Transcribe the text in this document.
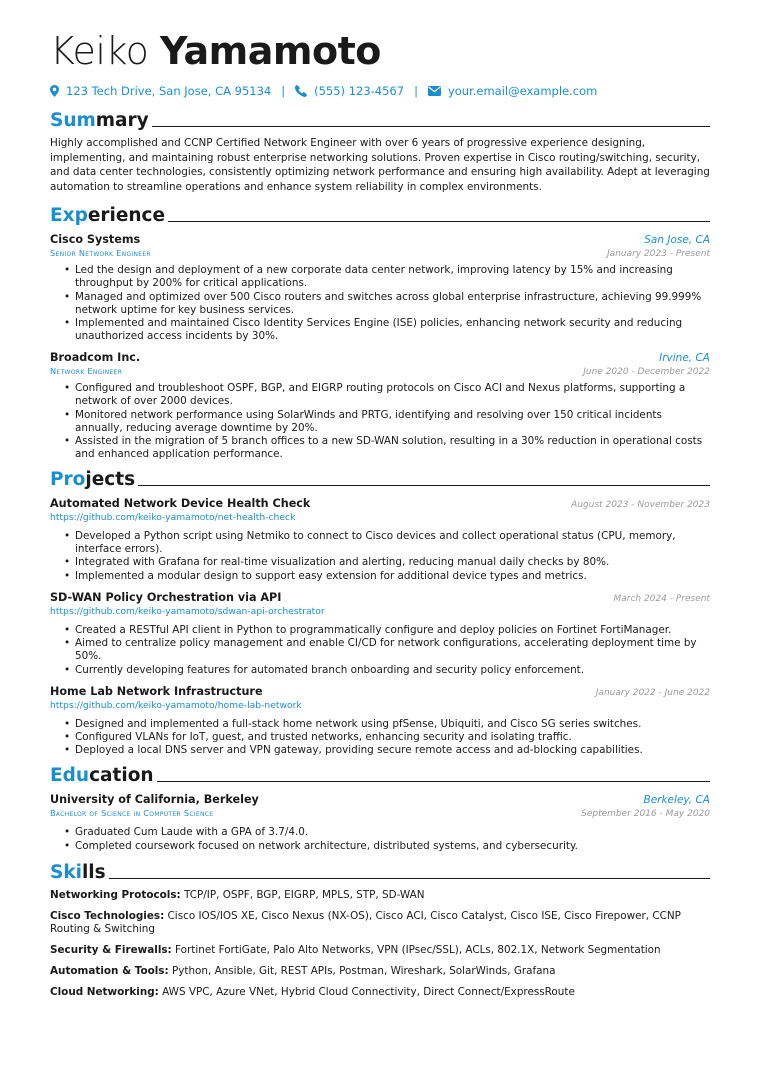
Keiko Yamamoto
123 Tech Drive, San Jose, CA 95134 |	(555) 123-4567 |	your.email@example.com
Summary

Highly accomplished and CCNP Certified Network Engineer with over 6 years of progressive experience designing, implementing, and maintaining robust enterprise networking solutions. Proven expertise in Cisco routing/switching, security, and data center technologies, consistently optimizing network performance and ensuring high availability. Adept at leveraging automation to streamline operations and enhance system reliability in complex environments.

Experience
Cisco Systems	San Jose, CA
Senior Network Engineer	January 2023 - Present
• Led the design and deployment of a new corporate data center network, improving latency by 15% and increasing throughput by 200% for critical applications.
• Managed and optimized over 500 Cisco routers and switches across global enterprise infrastructure, achieving 99.999% network uptime for key business services.
• Implemented and maintained Cisco Identity Services Engine (ISE) policies, enhancing network security and reducing unauthorized access incidents by 30%.
Broadcom Inc.	Irvine, CA
Network Engineer	June 2020 - December 2022
• Configured and troubleshoot OSPF, BGP, and EIGRP routing protocols on Cisco ACI and Nexus platforms, supporting a network of over 2000 devices.
• Monitored network performance using SolarWinds and PRTG, identifying and resolving over 150 critical incidents annually, reducing average downtime by 20%.
• Assisted in the migration of 5 branch offices to a new SD-WAN solution, resulting in a 30% reduction in operational costs and enhanced application performance.
Projects
Automated Network Device Health Check	August 2023 - November 2023
https://github.com/keiko-yamamoto/net-health-check
• Developed a Python script using Netmiko to connect to Cisco devices and collect operational status (CPU, memory, interface errors).
• Integrated with Grafana for real-time visualization and alerting, reducing manual daily checks by 80%.
• Implemented a modular design to support easy extension for additional device types and metrics.
SD-WAN Policy Orchestration via API	March 2024 - Present
https://github.com/keiko-yamamoto/sdwan-api-orchestrator
• Created a RESTful API client in Python to programmatically configure and deploy policies on Fortinet FortiManager.
• Aimed to centralize policy management and enable CI/CD for network configurations, accelerating deployment time by 50%.
• Currently developing features for automated branch onboarding and security policy enforcement.
Home Lab Network Infrastructure	January 2022 - June 2022
https://github.com/keiko-yamamoto/home-lab-network
• Designed and implemented a full-stack home network using pfSense, Ubiquiti, and Cisco SG series switches.
• Configured VLANs for IoT, guest, and trusted networks, enhancing security and isolating traffic.
• Deployed a local DNS server and VPN gateway, providing secure remote access and ad-blocking capabilities.
Education
University of California, Berkeley	Berkeley, CA
Bachelor of Science in Computer Science	September 2016 - May 2020
• Graduated Cum Laude with a GPA of 3.7/4.0.
• Completed coursework focused on network architecture, distributed systems, and cybersecurity.
Skills

Networking Protocols: TCP/IP, OSPF, BGP, EIGRP, MPLS, STP, SD-WAN

Cisco Technologies: Cisco IOS/IOS XE, Cisco Nexus (NX-OS), Cisco ACI, Cisco Catalyst, Cisco ISE, Cisco Firepower, CCNP Routing & Switching

Security & Firewalls: Fortinet FortiGate, Palo Alto Networks, VPN (IPsec/SSL), ACLs, 802.1X, Network Segmentation

Automation & Tools: Python, Ansible, Git, REST APIs, Postman, Wireshark, SolarWinds, Grafana

Cloud Networking: AWS VPC, Azure VNet, Hybrid Cloud Connectivity, Direct Connect/ExpressRoute
